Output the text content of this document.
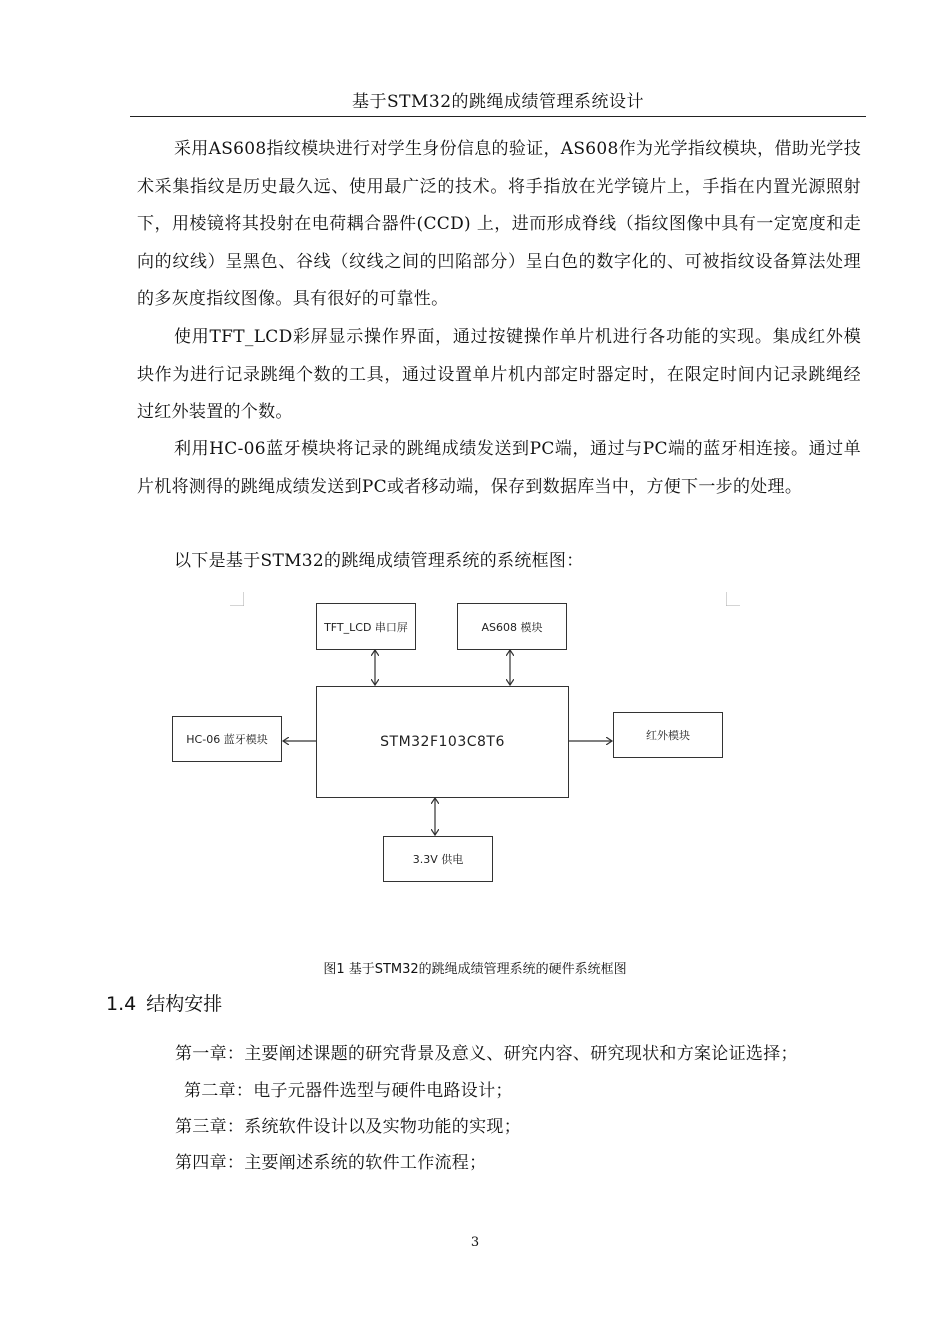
基于STM32的跳绳成绩管理系统设计

采用AS608指纹模块进行对学生身份信息的验证，AS608作为光学指纹模块，借助光学技术采集指纹是历史最久远、使用最广泛的技术。将手指放在光学镜片上，手指在内置光源照射下，用棱镜将其投射在电荷耦合器件(CCD) 上，进而形成脊线（指纹图像中具有一定宽度和走向的纹线）呈黑色、谷线（纹线之间的凹陷部分）呈白色的数字化的、可被指纹设备算法处理的多灰度指纹图像。具有很好的可靠性。

使用TFT_LCD彩屏显示操作界面，通过按键操作单片机进行各功能的实现。集成红外模块作为进行记录跳绳个数的工具，通过设置单片机内部定时器定时，在限定时间内记录跳绳经过红外装置的个数。

利用HC-06蓝牙模块将记录的跳绳成绩发送到PC端，通过与PC端的蓝牙相连接。通过单片机将测得的跳绳成绩发送到PC或者移动端，保存到数据库当中，方便下一步的处理。

以下是基于STM32的跳绳成绩管理系统的系统框图：

TFT_LCD 串口屏	AS608 模块
STM32F103C8T6
HC-06 蓝牙模块	红外模块
3.3V 供电
图1 基于STM32的跳绳成绩管理系统的硬件系统框图
1.4 结构安排
第一章：主要阐述课题的研究背景及意义、研究内容、研究现状和方案论证选择；
第二章：电子元器件选型与硬件电路设计；
第三章：系统软件设计以及实物功能的实现；
第四章：主要阐述系统的软件工作流程；
3
